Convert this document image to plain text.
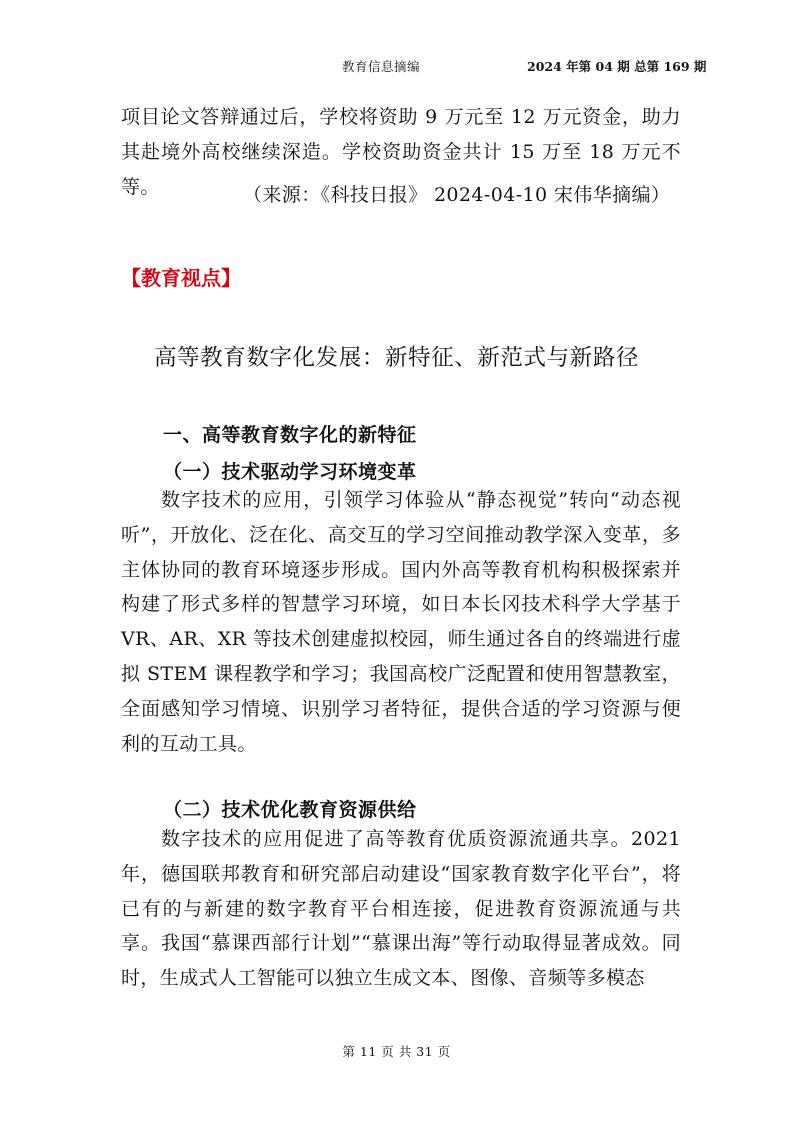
教育信息摘编	2024 年第 04 期 总第 169 期
项目论文答辩通过后，学校将资助 9 万元至 12 万元资金，助力其赴境外高校继续深造。学校资助资金共计 15 万至 18 万元不等。	（来源：《科技日报》 2024-04-10 宋伟华摘编）
【教育视点】
高等教育数字化发展：新特征、新范式与新路径
一、高等教育数字化的新特征
（一）技术驱动学习环境变革
数字技术的应用，引领学习体验从“静态视觉”转向“动态视听”，开放化、泛在化、高交互的学习空间推动教学深入变革，多主体协同的教育环境逐步形成。国内外高等教育机构积极探索并构建了形式多样的智慧学习环境，如日本长冈技术科学大学基于 VR、AR、XR 等技术创建虚拟校园，师生通过各自的终端进行虚拟 STEM 课程教学和学习；我国高校广泛配置和使用智慧教室，全面感知学习情境、识别学习者特征，提供合适的学习资源与便利的互动工具。
（二）技术优化教育资源供给
数字技术的应用促进了高等教育优质资源流通共享。2021 年，德国联邦教育和研究部启动建设“国家教育数字化平台”，将已有的与新建的数字教育平台相连接，促进教育资源流通与共享。我国“慕课西部行计划”“慕课出海”等行动取得显著成效。同时，生成式人工智能可以独立生成文本、图像、音频等多模态
第 11 页 共 31 页
